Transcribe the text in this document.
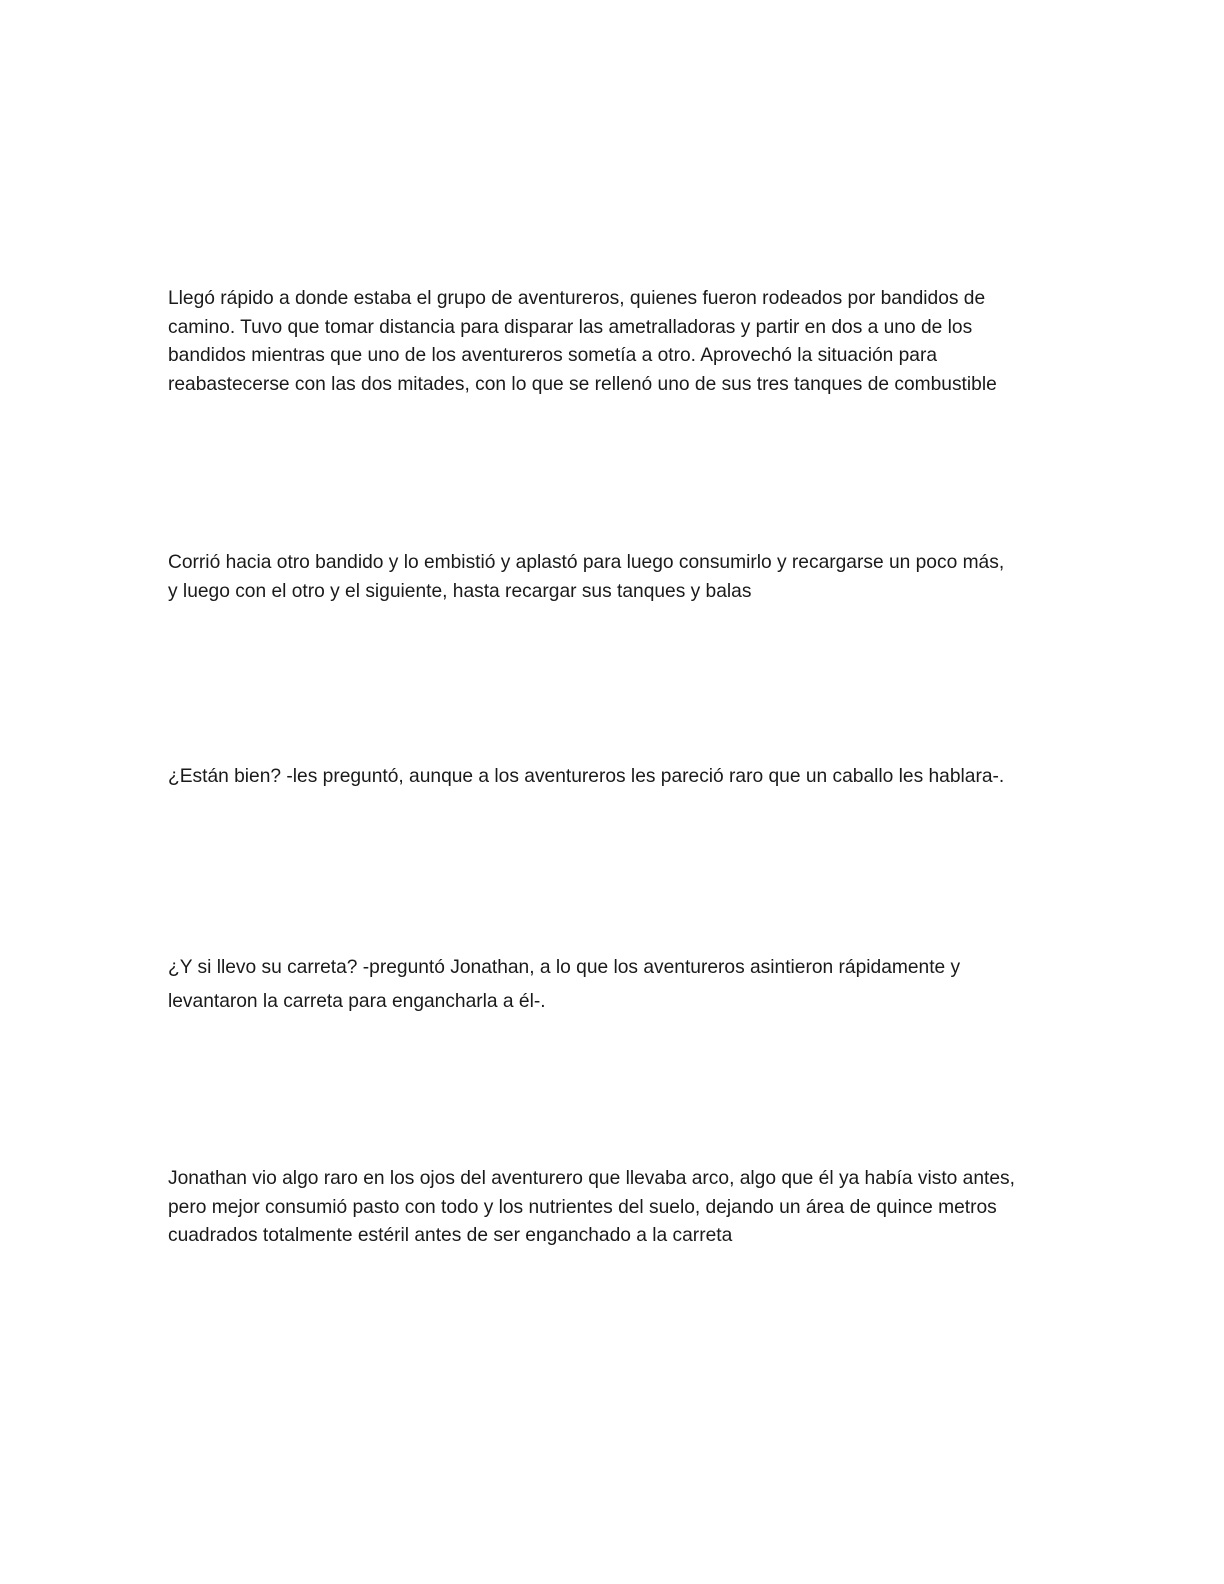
Llegó rápido a donde estaba el grupo de aventureros, quienes fueron rodeados por bandidos de
camino. Tuvo que tomar distancia para disparar las ametralladoras y partir en dos a uno de los
bandidos mientras que uno de los aventureros sometía a otro. Aprovechó la situación para
reabastecerse con las dos mitades, con lo que se rellenó uno de sus tres tanques de combustible

Corrió hacia otro bandido y lo embistió y aplastó para luego consumirlo y recargarse un poco más,
y luego con el otro y el siguiente, hasta recargar sus tanques y balas

¿Están bien? -les preguntó, aunque a los aventureros les pareció raro que un caballo les hablara-.

¿Y si llevo su carreta? -preguntó Jonathan, a lo que los aventureros asintieron rápidamente y
levantaron la carreta para engancharla a él-.

Jonathan vio algo raro en los ojos del aventurero que llevaba arco, algo que él ya había visto antes,
pero mejor consumió pasto con todo y los nutrientes del suelo, dejando un área de quince metros
cuadrados totalmente estéril antes de ser enganchado a la carreta
